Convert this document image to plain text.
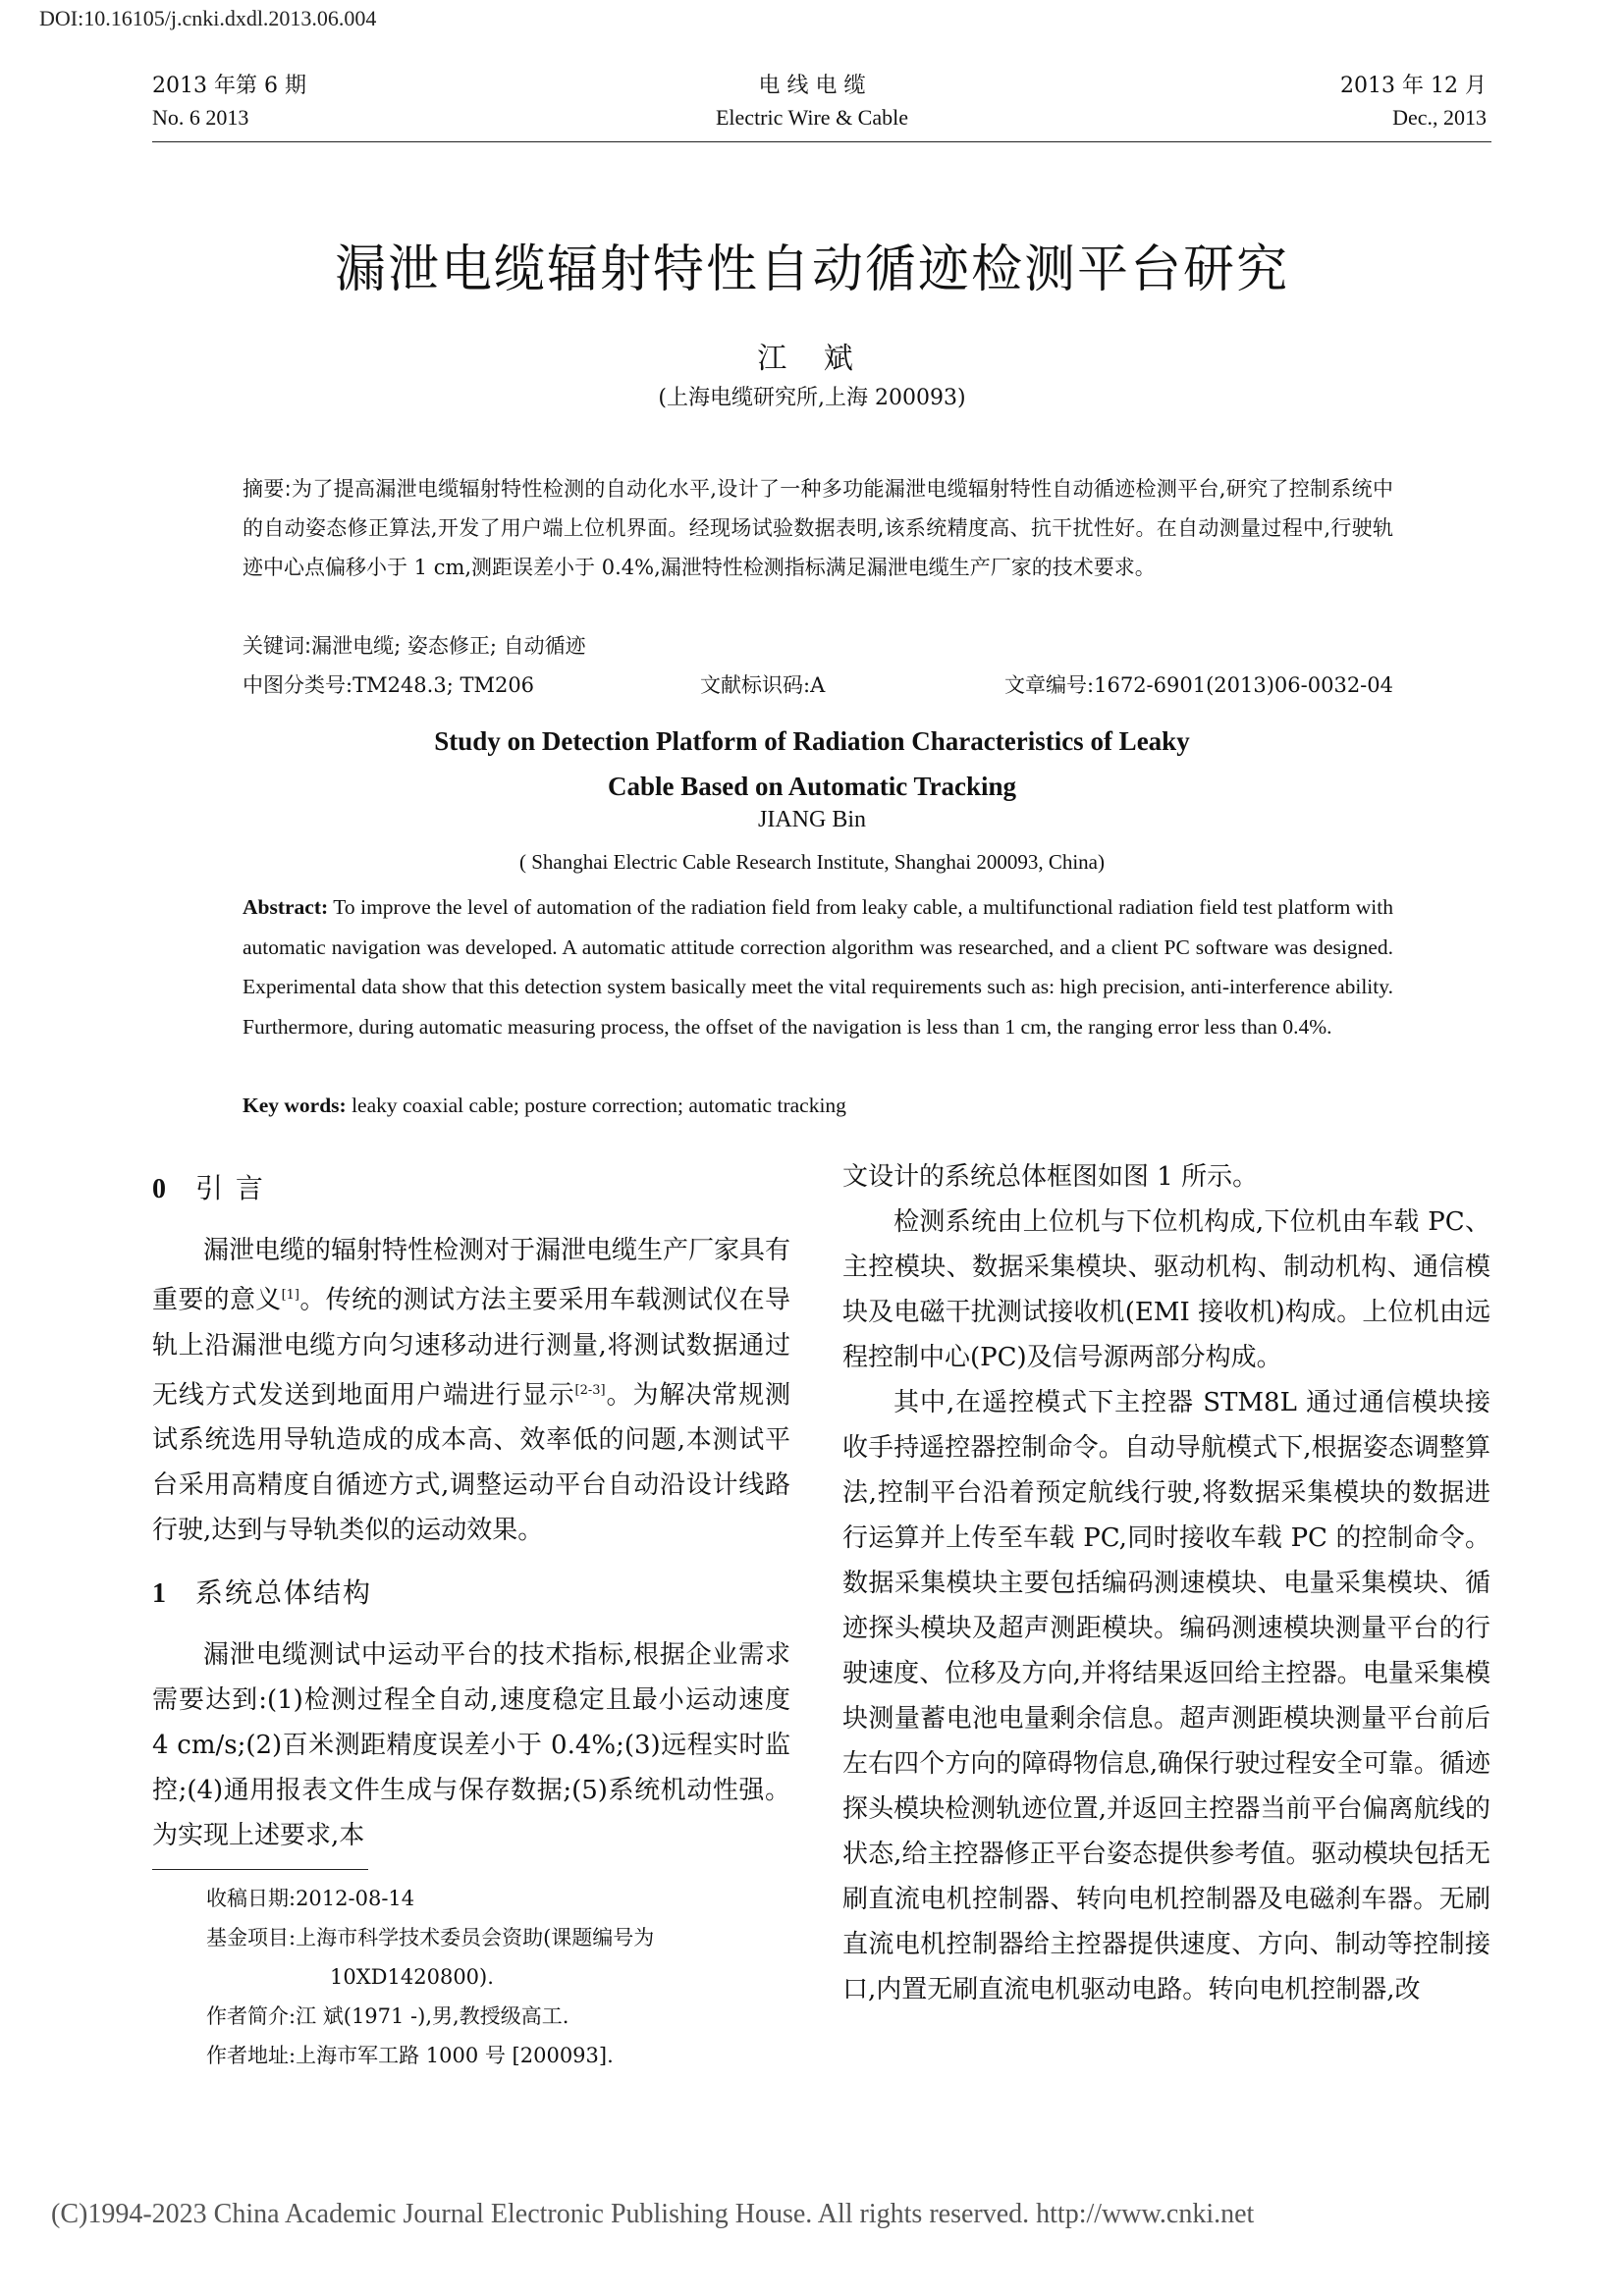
DOI:10.16105/j.cnki.dxdl.2013.06.004
2013 年第 6 期
No. 6 2013
电 线 电 缆
Electric Wire & Cable
2013 年 12 月
Dec., 2013
漏泄电缆辐射特性自动循迹检测平台研究
江 斌
(上海电缆研究所,上海 200093)
摘要:为了提高漏泄电缆辐射特性检测的自动化水平,设计了一种多功能漏泄电缆辐射特性自动循迹检测平台,研究了控制系统中的自动姿态修正算法,开发了用户端上位机界面。经现场试验数据表明,该系统精度高、抗干扰性好。在自动测量过程中,行驶轨迹中心点偏移小于 1 cm,测距误差小于 0.4%,漏泄特性检测指标满足漏泄电缆生产厂家的技术要求。
关键词:漏泄电缆; 姿态修正; 自动循迹
中图分类号:TM248.3; TM206	文献标识码:A	文章编号:1672-6901(2013)06-0032-04
Study on Detection Platform of Radiation Characteristics of Leaky
Cable Based on Automatic Tracking
JIANG Bin
( Shanghai Electric Cable Research Institute, Shanghai 200093, China)
Abstract: To improve the level of automation of the radiation field from leaky cable, a multifunctional radiation field test platform with automatic navigation was developed. A automatic attitude correction algorithm was researched, and a client PC software was designed. Experimental data show that this detection system basically meet the vital requirements such as: high precision, anti-interference ability. Furthermore, during automatic measuring process, the offset of the navigation is less than 1 cm, the ranging error less than 0.4%.
Key words: leaky coaxial cable; posture correction; automatic tracking
0 引 言

漏泄电缆的辐射特性检测对于漏泄电缆生产厂家具有重要的意义[1]。传统的测试方法主要采用车载测试仪在导轨上沿漏泄电缆方向匀速移动进行测量,将测试数据通过无线方式发送到地面用户端进行显示[2-3]。为解决常规测试系统选用导轨造成的成本高、效率低的问题,本测试平台采用高精度自循迹方式,调整运动平台自动沿设计线路行驶,达到与导轨类似的运动效果。

1 系统总体结构

漏泄电缆测试中运动平台的技术指标,根据企业需求需要达到:(1)检测过程全自动,速度稳定且最小运动速度 4 cm/s;(2)百米测距精度误差小于 0.4%;(3)远程实时监控;(4)通用报表文件生成与保存数据;(5)系统机动性强。为实现上述要求,本

文设计的系统总体框图如图 1 所示。

检测系统由上位机与下位机构成,下位机由车载 PC、主控模块、数据采集模块、驱动机构、制动机构、通信模块及电磁干扰测试接收机(EMI 接收机)构成。上位机由远程控制中心(PC)及信号源两部分构成。

其中,在遥控模式下主控器 STM8L 通过通信模块接收手持遥控器控制命令。自动导航模式下,根据姿态调整算法,控制平台沿着预定航线行驶,将数据采集模块的数据进行运算并上传至车载 PC,同时接收车载 PC 的控制命令。数据采集模块主要包括编码测速模块、电量采集模块、循迹探头模块及超声测距模块。编码测速模块测量平台的行驶速度、位移及方向,并将结果返回给主控器。电量采集模块测量蓄电池电量剩余信息。超声测距模块测量平台前后左右四个方向的障碍物信息,确保行驶过程安全可靠。循迹探头模块检测轨迹位置,并返回主控器当前平台偏离航线的状态,给主控器修正平台姿态提供参考值。驱动模块包括无刷直流电机控制器、转向电机控制器及电磁刹车器。无刷直流电机控制器给主控器提供速度、方向、制动等控制接口,内置无刷直流电机驱动电路。转向电机控制器,改

收稿日期:2012-08-14
基金项目:上海市科学技术委员会资助(课题编号为
10XD1420800).
作者简介:江 斌(1971 -),男,教授级高工.
作者地址:上海市军工路 1000 号 [200093].
(C)1994-2023 China Academic Journal Electronic Publishing House. All rights reserved. http://www.cnki.net
